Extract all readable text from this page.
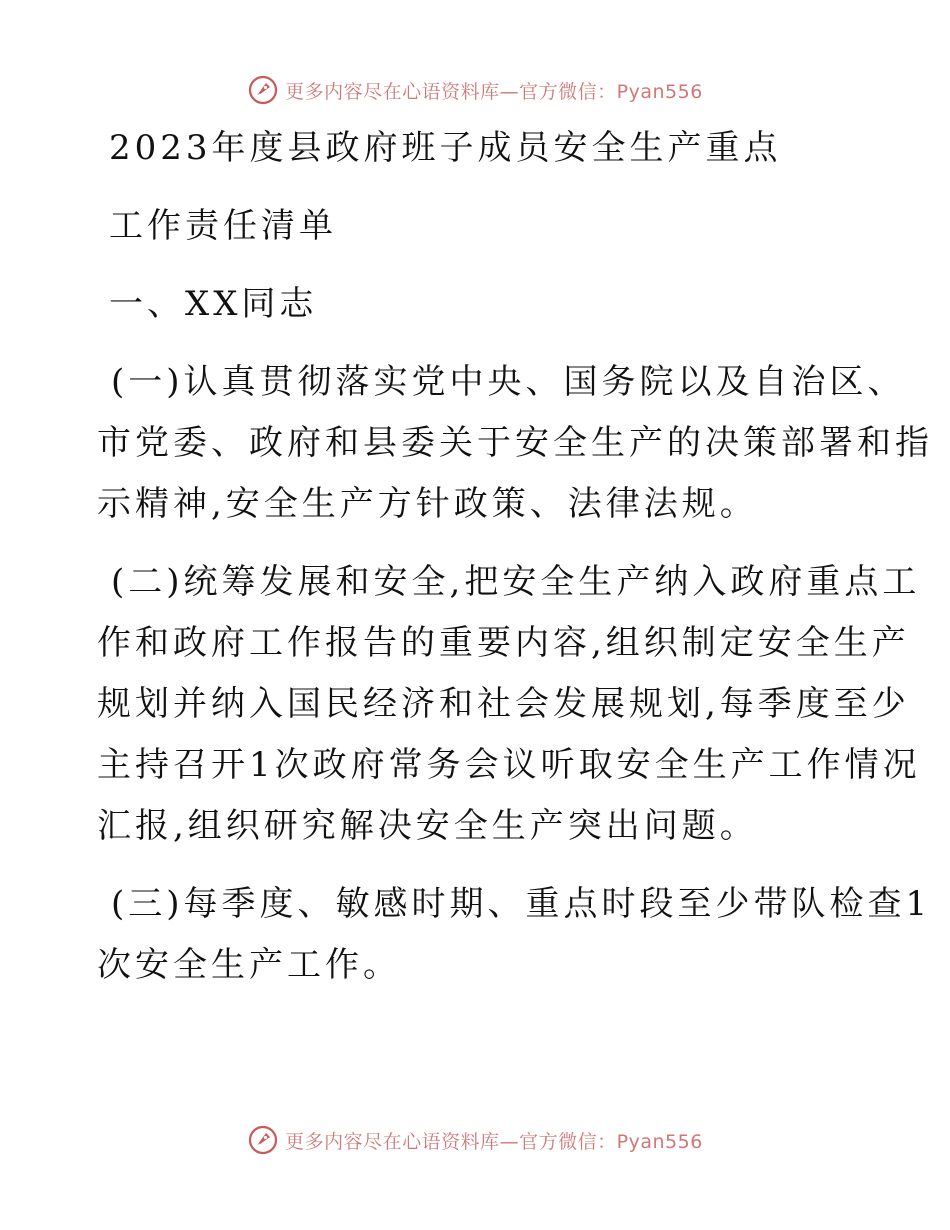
更多内容尽在心语资料库—官方微信：Pyan556
2023年度县政府班子成员安全生产重点
工作责任清单
一、XX同志
(一)认真贯彻落实党中央、国务院以及自治区、
市党委、政府和县委关于安全生产的决策部署和指
示精神,安全生产方针政策、法律法规。
(二)统筹发展和安全,把安全生产纳入政府重点工
作和政府工作报告的重要内容,组织制定安全生产
规划并纳入国民经济和社会发展规划,每季度至少
主持召开1次政府常务会议听取安全生产工作情况
汇报,组织研究解决安全生产突出问题。
(三)每季度、敏感时期、重点时段至少带队检查1
次安全生产工作。
更多内容尽在心语资料库—官方微信：Pyan556
